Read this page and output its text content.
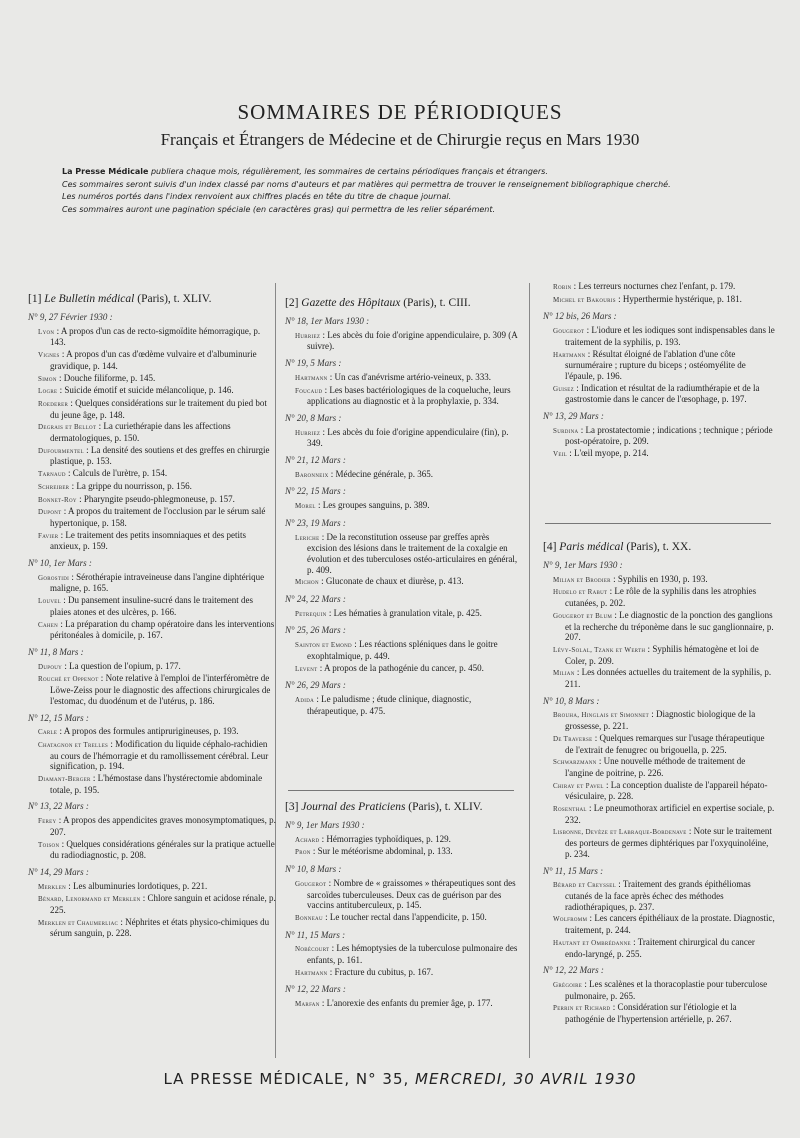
SOMMAIRES DE PÉRIODIQUES
Français et Étrangers de Médecine et de Chirurgie reçus en Mars 1930

La Presse Médicale publiera chaque mois, régulièrement, les sommaires de certains périodiques français et étrangers.

Ces sommaires seront suivis d'un index classé par noms d'auteurs et par matières qui permettra de trouver le renseignement bibliographique cherché.

Les numéros portés dans l'index renvoient aux chiffres placés en tête du titre de chaque journal.

Ces sommaires auront une pagination spéciale (en caractères gras) qui permettra de les relier séparément.

[1] Le Bulletin médical (Paris), t. XLIV.
N° 9, 27 Février 1930 :
Lyon : A propos d'un cas de recto-sigmoïdite hémorragique, p. 143.
Vignes : A propos d'un cas d'œdème vulvaire et d'albuminurie gravidique, p. 144.
Simon : Douche filiforme, p. 145.
Logre : Suicide émotif et suicide mélancolique, p. 146.
Roederer : Quelques considérations sur le traitement du pied bot du jeune âge, p. 148.
Degrais et Bellot : La curiethérapie dans les affections dermatologiques, p. 150.
Dufourmentel : La densité des soutiens et des greffes en chirurgie plastique, p. 153.
Tarnaud : Calculs de l'urètre, p. 154.
Schreiber : La grippe du nourrisson, p. 156.
Bonnet-Roy : Pharyngite pseudo-phlegmoneuse, p. 157.
Dupont : A propos du traitement de l'occlusion par le sérum salé hypertonique, p. 158.
Favier : Le traitement des petits insomniaques et des petits anxieux, p. 159.
N° 10, 1er Mars :
Gorostidi : Sérothérapie intraveineuse dans l'angine diphtérique maligne, p. 165.
Louvel : Du pansement insuline-sucré dans le traitement des plaies atones et des ulcères, p. 166.
Cahen : La préparation du champ opératoire dans les interventions péritonéales à domicile, p. 167.
N° 11, 8 Mars :
Dupouy : La question de l'opium, p. 177.
Rouché et Oppenot : Note relative à l'emploi de l'interféromètre de Löwe-Zeiss pour le diagnostic des affections chirurgicales de l'estomac, du duodénum et de l'utérus, p. 186.
N° 12, 15 Mars :
Carle : A propos des formules antiprurigineuses, p. 193.
Chatagnon et Trelles : Modification du liquide céphalo-rachidien au cours de l'hémorragie et du ramollissement cérébral. Leur signification, p. 194.
Diamant-Berger : L'hémostase dans l'hystérectomie abdominale totale, p. 195.
N° 13, 22 Mars :
Ferey : A propos des appendicites graves monosymptomatiques, p. 207.
Toison : Quelques considérations générales sur la pratique actuelle du radiodiagnostic, p. 208.
N° 14, 29 Mars :
Merklen : Les albuminuries lordotiques, p. 221.
Bénard, Lenormand et Merklen : Chlore sanguin et acidose rénale, p. 225.
Merklen et Chaumerliac : Néphrites et états physico-chimiques du sérum sanguin, p. 228.
[2] Gazette des Hôpitaux (Paris), t. CIII.
N° 18, 1er Mars 1930 :
Hurriez : Les abcès du foie d'origine appendiculaire, p. 309 (A suivre).
N° 19, 5 Mars :
Hartmann : Un cas d'anévrisme artério-veineux, p. 333.
Foucaud : Les bases bactériologiques de la coqueluche, leurs applications au diagnostic et à la prophylaxie, p. 334.
N° 20, 8 Mars :
Hurriez : Les abcès du foie d'origine appendiculaire (fin), p. 349.
N° 21, 12 Mars :
Baronneix : Médecine générale, p. 365.
N° 22, 15 Mars :
Morel : Les groupes sanguins, p. 389.
N° 23, 19 Mars :
Leriche : De la reconstitution osseuse par greffes après excision des lésions dans le traitement de la coxalgie en évolution et des tuberculoses ostéo-articulaires en général, p. 409.
Michon : Gluconate de chaux et diurèse, p. 413.
N° 24, 22 Mars :
Petrequin : Les hématies à granulation vitale, p. 425.
N° 25, 26 Mars :
Sainton et Emond : Les réactions spléniques dans le goitre exophtalmique, p. 449.
Levent : A propos de la pathogénie du cancer, p. 450.
N° 26, 29 Mars :
Adida : Le paludisme ; étude clinique, diagnostic, thérapeutique, p. 475.
[3] Journal des Praticiens (Paris), t. XLIV.
N° 9, 1er Mars 1930 :
Achard : Hémorragies typhoïdiques, p. 129.
Pron : Sur le météorisme abdominal, p. 133.
N° 10, 8 Mars :
Gougerot : Nombre de « graissomes » thérapeutiques sont des sarcoïdes tuberculeuses. Deux cas de guérison par des vaccins antituberculeux, p. 145.
Bonneau : Le toucher rectal dans l'appendicite, p. 150.
N° 11, 15 Mars :
Nobécourt : Les hémoptysies de la tuberculose pulmonaire des enfants, p. 161.
Hartmann : Fracture du cubitus, p. 167.
N° 12, 22 Mars :
Marfan : L'anorexie des enfants du premier âge, p. 177.
Robin : Les terreurs nocturnes chez l'enfant, p. 179.
Michel et Bakouris : Hyperthermie hystérique, p. 181.
N° 12 bis, 26 Mars :
Gougerot : L'iodure et les iodiques sont indispensables dans le traitement de la syphilis, p. 193.
Hartmann : Résultat éloigné de l'ablation d'une côte surnuméraire ; rupture du biceps ; ostéomyélite de l'épaule, p. 196.
Guisez : Indication et résultat de la radiumthérapie et de la gastrostomie dans le cancer de l'œsophage, p. 197.
N° 13, 29 Mars :
Surdina : La prostatectomie ; indications ; technique ; période post-opératoire, p. 209.
Veil : L'œil myope, p. 214.
[4] Paris médical (Paris), t. XX.
N° 9, 1er Mars 1930 :
Milian et Brodier : Syphilis en 1930, p. 193.
Hudelo et Rabut : Le rôle de la syphilis dans les atrophies cutanées, p. 202.
Gougerot et Blum : Le diagnostic de la ponction des ganglions et la recherche du tréponème dans le suc ganglionnaire, p. 207.
Lévy-Solal, Tzank et Werth : Syphilis hématogène et loi de Coler, p. 209.
Milian : Les données actuelles du traitement de la syphilis, p. 211.
N° 10, 8 Mars :
Brouha, Hinglais et Simonnet : Diagnostic biologique de la grossesse, p. 221.
De Traverse : Quelques remarques sur l'usage thérapeutique de l'extrait de fenugrec ou brigouella, p. 225.
Schwarzmann : Une nouvelle méthode de traitement de l'angine de poitrine, p. 226.
Chiray et Pavel : La conception dualiste de l'appareil hépato-vésiculaire, p. 228.
Rosenthal : Le pneumothorax artificiel en expertise sociale, p. 232.
Lisbonne, Devèze et Labraque-Bordenave : Note sur le traitement des porteurs de germes diphtériques par l'oxyquinoléine, p. 234.
N° 11, 15 Mars :
Bérard et Creyssel : Traitement des grands épithéliomas cutanés de la face après échec des méthodes radiothérapiques, p. 237.
Wolfromm : Les cancers épithéliaux de la prostate. Diagnostic, traitement, p. 244.
Hautant et Ombrédanne : Traitement chirurgical du cancer endo-laryngé, p. 255.
N° 12, 22 Mars :
Grégoire : Les scalènes et la thoracoplastie pour tuberculose pulmonaire, p. 265.
Perrin et Richard : Considération sur l'étiologie et la pathogénie de l'hypertension artérielle, p. 267.
LA PRESSE MÉDICALE, N° 35, MERCREDI, 30 AVRIL 1930
